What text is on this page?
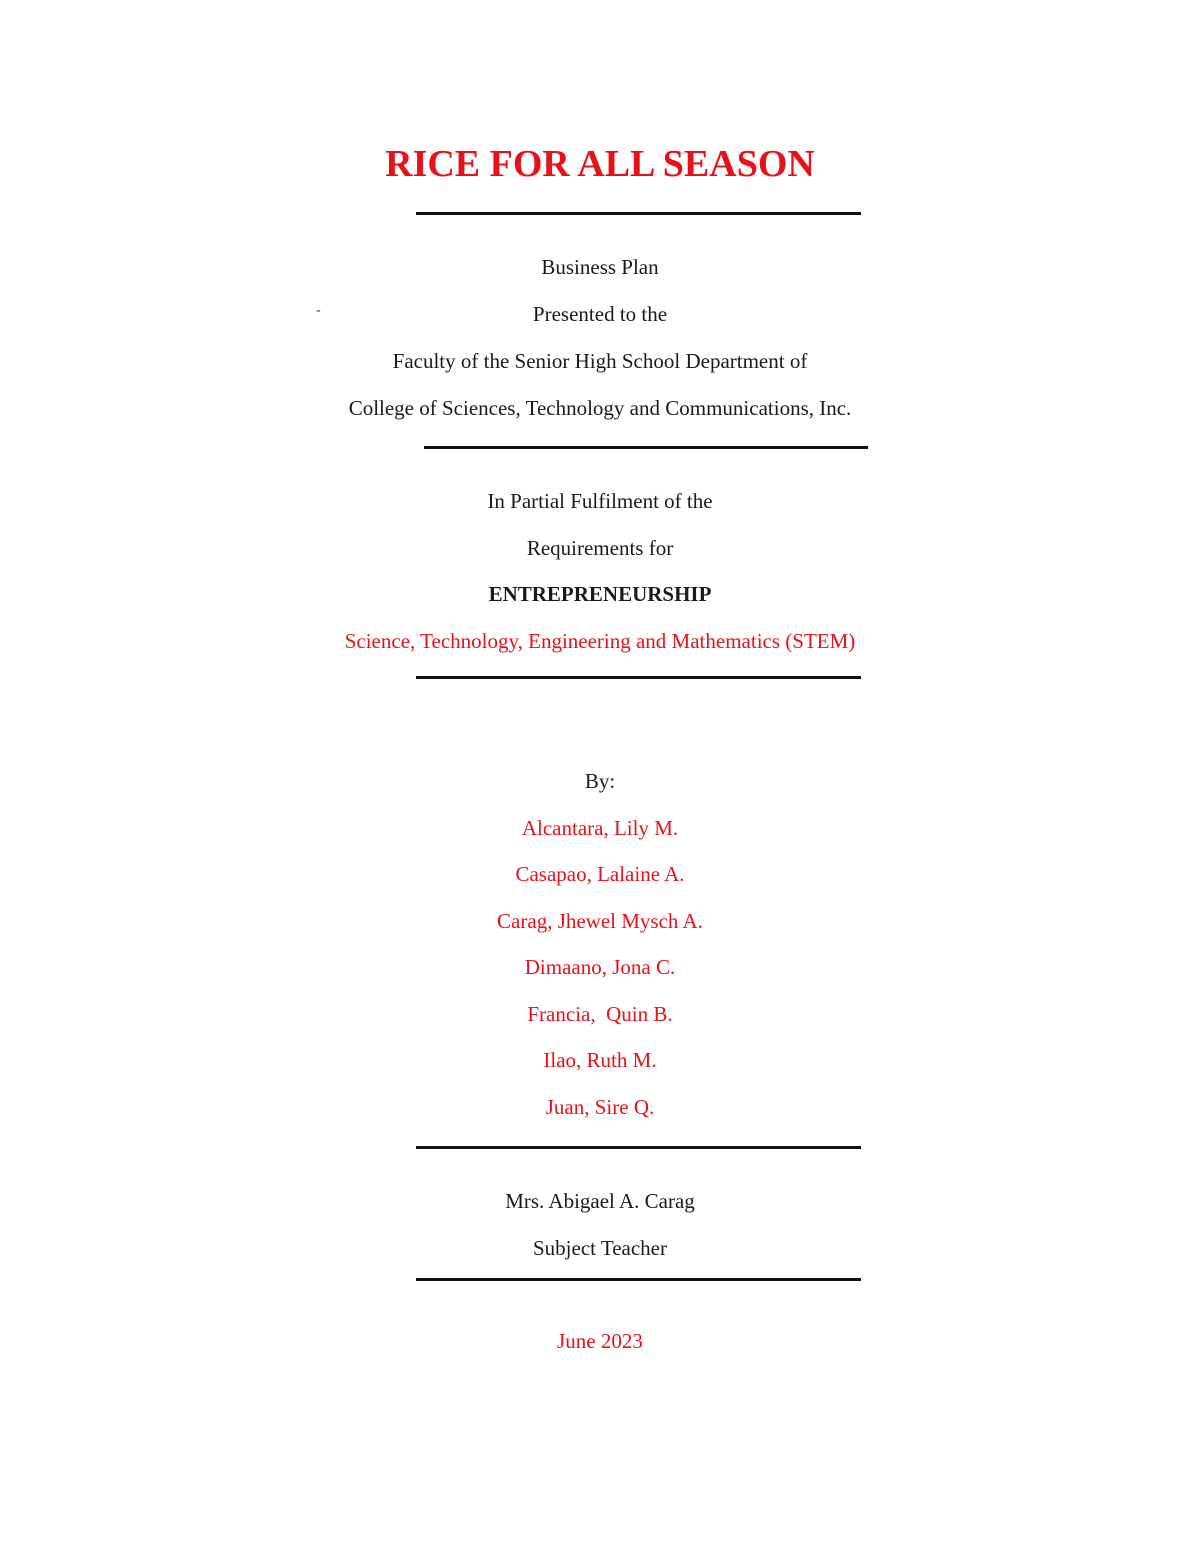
RICE FOR ALL SEASON
Business Plan
-	Presented to the
Faculty of the Senior High School Department of
College of Sciences, Technology and Communications, Inc.
In Partial Fulfilment of the
Requirements for
ENTREPRENEURSHIP
Science, Technology, Engineering and Mathematics (STEM)
By:
Alcantara, Lily M.
Casapao, Lalaine A.
Carag, Jhewel Mysch A.
Dimaano, Jona C.
Francia,  Quin B.
Ilao, Ruth M.
Juan, Sire Q.
Mrs. Abigael A. Carag
Subject Teacher
June 2023
